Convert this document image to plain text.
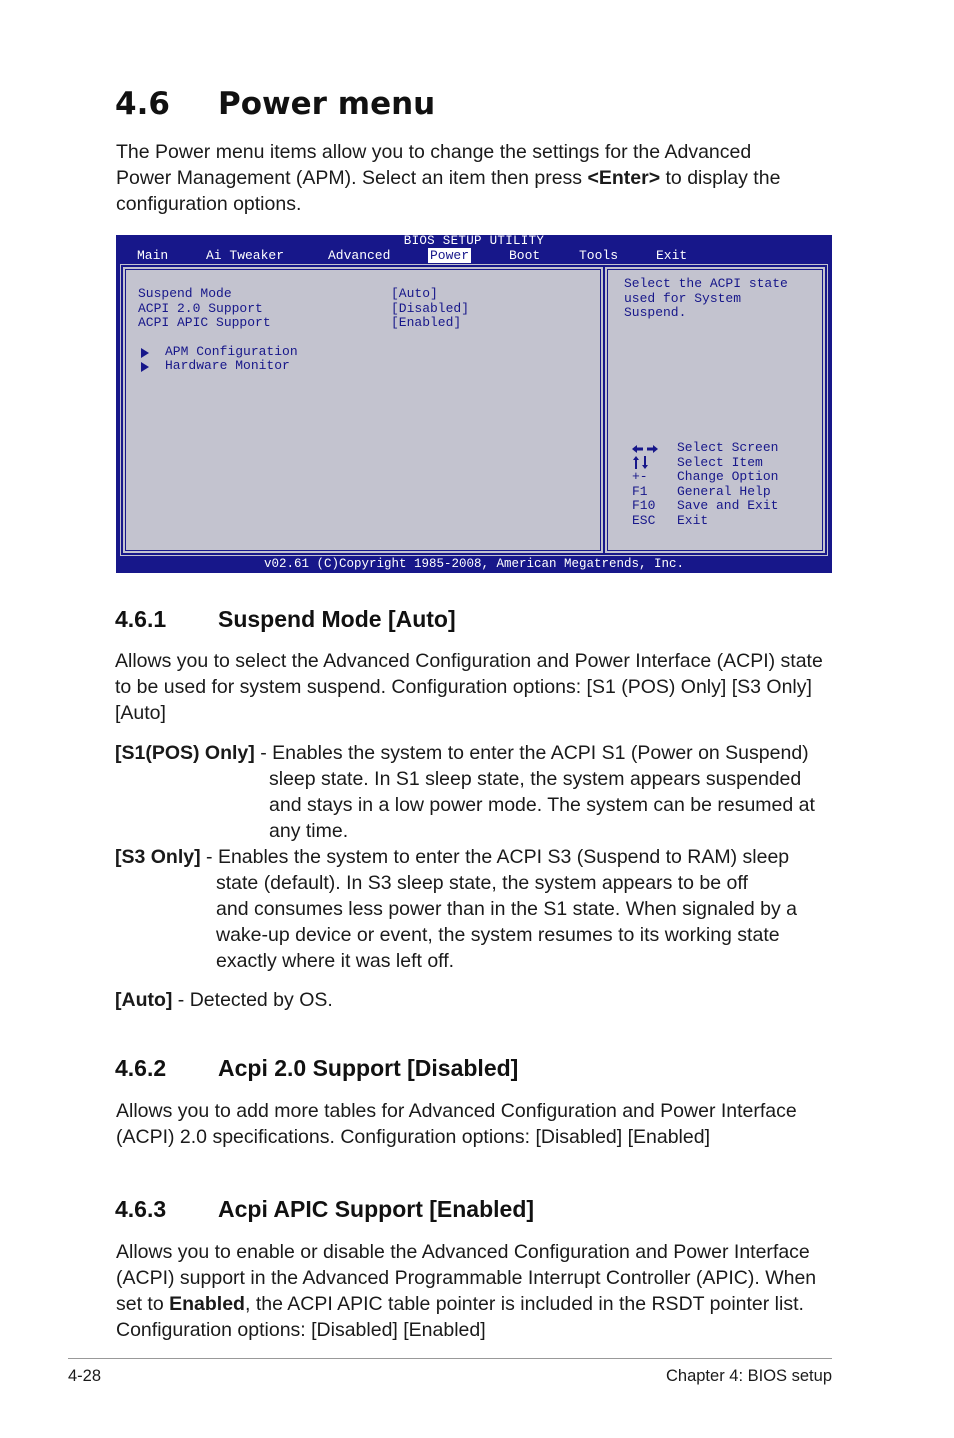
4.6 Power menu

The Power menu items allow you to change the settings for the Advanced
Power Management (APM). Select an item then press <Enter> to display the
configuration options.

BIOS SETUP UTILITY
Main	Ai Tweaker	Advanced	Power	Boot	Tools	Exit
Suspend Mode	[Auto]
ACPI 2.0 Support	[Disabled]
ACPI APIC Support	[Enabled]
APM Configuration
Hardware Monitor
Select the ACPI state
used for System
Suspend.
Select Screen
Select Item
+- Change Option
F1 General Help
F10 Save and Exit
ESC Exit
v02.61 (C)Copyright 1985-2008, American Megatrends, Inc.
4.6.1 Suspend Mode [Auto]

Allows you to select the Advanced Configuration and Power Interface (ACPI) state
to be used for system suspend. Configuration options: [S1 (POS) Only] [S3 Only]
[Auto]

[S1(POS) Only] - Enables the system to enter the ACPI S1 (Power on Suspend)
sleep state. In S1 sleep state, the system appears suspended
and stays in a low power mode. The system can be resumed at
any time.
[S3 Only] - Enables the system to enter the ACPI S3 (Suspend to RAM) sleep
state (default). In S3 sleep state, the system appears to be off
and consumes less power than in the S1 state. When signaled by a
wake-up device or event, the system resumes to its working state
exactly where it was left off.
[Auto] - Detected by OS.
4.6.2 Acpi 2.0 Support [Disabled]

Allows you to add more tables for Advanced Configuration and Power Interface
(ACPI) 2.0 specifications. Configuration options: [Disabled] [Enabled]

4.6.3 Acpi APIC Support [Enabled]

Allows you to enable or disable the Advanced Configuration and Power Interface
(ACPI) support in the Advanced Programmable Interrupt Controller (APIC). When
set to Enabled, the ACPI APIC table pointer is included in the RSDT pointer list.
Configuration options: [Disabled] [Enabled]

4-28	Chapter 4: BIOS setup
